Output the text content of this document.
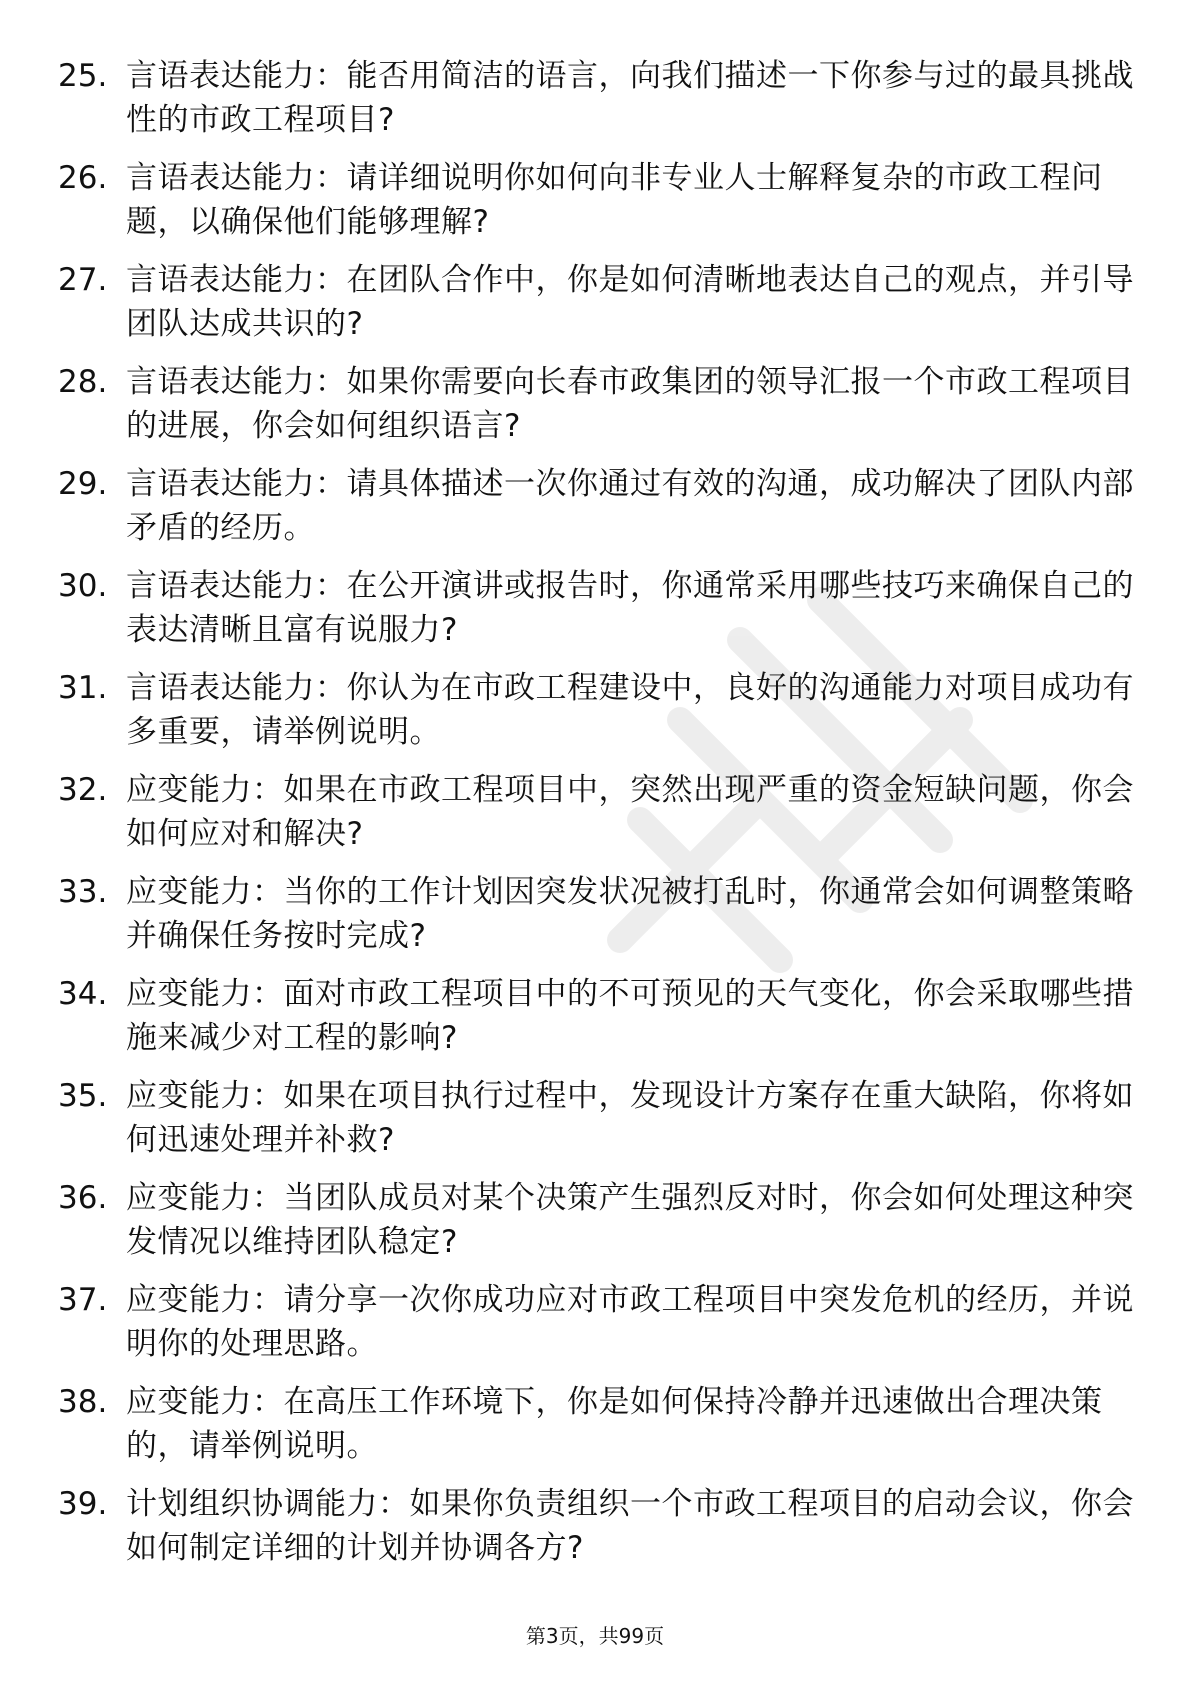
25. 言语表达能力：能否用简洁的语言，向我们描述一下你参与过的最具挑战性的市政工程项目?
26. 言语表达能力：请详细说明你如何向非专业人士解释复杂的市政工程问题，以确保他们能够理解?
27. 言语表达能力：在团队合作中，你是如何清晰地表达自己的观点，并引导团队达成共识的?
28. 言语表达能力：如果你需要向长春市政集团的领导汇报一个市政工程项目的进展，你会如何组织语言?
29. 言语表达能力：请具体描述一次你通过有效的沟通，成功解决了团队内部矛盾的经历。
30. 言语表达能力：在公开演讲或报告时，你通常采用哪些技巧来确保自己的表达清晰且富有说服力?
31. 言语表达能力：你认为在市政工程建设中，良好的沟通能力对项目成功有多重要，请举例说明。
32. 应变能力：如果在市政工程项目中，突然出现严重的资金短缺问题，你会如何应对和解决?
33. 应变能力：当你的工作计划因突发状况被打乱时，你通常会如何调整策略并确保任务按时完成?
34. 应变能力：面对市政工程项目中的不可预见的天气变化，你会采取哪些措施来减少对工程的影响?
35. 应变能力：如果在项目执行过程中，发现设计方案存在重大缺陷，你将如何迅速处理并补救?
36. 应变能力：当团队成员对某个决策产生强烈反对时，你会如何处理这种突发情况以维持团队稳定?
37. 应变能力：请分享一次你成功应对市政工程项目中突发危机的经历，并说明你的处理思路。
38. 应变能力：在高压工作环境下，你是如何保持冷静并迅速做出合理决策的，请举例说明。
39. 计划组织协调能力：如果你负责组织一个市政工程项目的启动会议，你会如何制定详细的计划并协调各方?
第3页，共99页
